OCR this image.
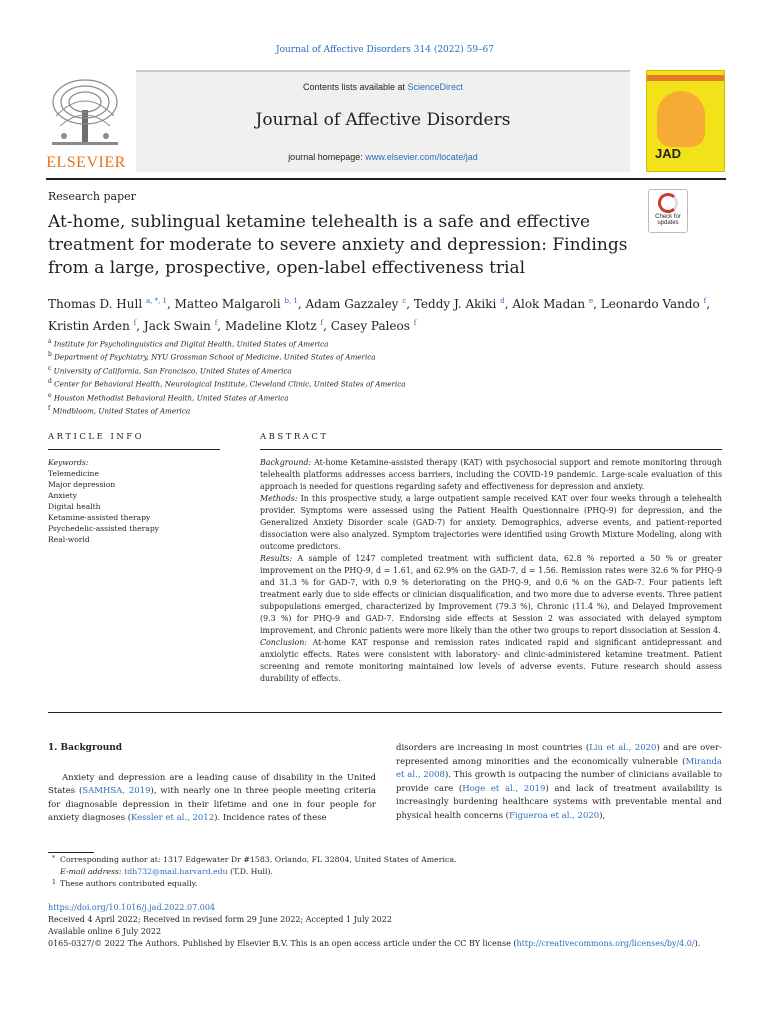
Journal of Affective Disorders 314 (2022) 59–67
ELSEVIER
Contents lists available at ScienceDirect
Journal of Affective Disorders
journal homepage: www.elsevier.com/locate/jad	JAD
Research paper
At-home, sublingual ketamine telehealth is a safe and effective treatment for moderate to severe anxiety and depression: Findings from a large, prospective, open-label effectiveness trial
Check for
updates
Thomas D. Hull $^{a, *, 1}$, Matteo Malgaroli $^{b, 1}$, Adam Gazzaley $^c$, Teddy J. Akiki $^d$, Alok Madan $^e$, Leonardo Vando $^f$, Kristin Arden $^f$, Jack Swain $^f$, Madeline Klotz $^f$, Casey Paleos $^f$
$^a$ Institute for Psycholinguistics and Digital Health, United States of America
$^b$ Department of Psychiatry, NYU Grossman School of Medicine, United States of America
$^c$ University of California, San Francisco, United States of America
$^d$ Center for Behavioral Health, Neurological Institute, Cleveland Clinic, United States of America
$^e$ Houston Methodist Behavioral Health, United States of America
$^f$ Mindbloom, United States of America
ARTICLE INFO
Keywords:
Telemedicine
Major depression
Anxiety
Digital health
Ketamine-assisted therapy
Psychedelic-assisted therapy
Real-world
ABSTRACT

Background: At-home Ketamine-assisted therapy (KAT) with psychosocial support and remote monitoring through telehealth platforms addresses access barriers, including the COVID-19 pandemic. Large-scale evaluation of this approach is needed for questions regarding safety and effectiveness for depression and anxiety.

Methods: In this prospective study, a large outpatient sample received KAT over four weeks through a telehealth provider. Symptoms were assessed using the Patient Health Questionnaire (PHQ-9) for depression, and the Generalized Anxiety Disorder scale (GAD-7) for anxiety. Demographics, adverse events, and patient-reported dissociation were also analyzed. Symptom trajectories were identified using Growth Mixture Modeling, along with outcome predictors.

Results: A sample of 1247 completed treatment with sufficient data, 62.8 % reported a 50 % or greater improvement on the PHQ-9, d = 1.61, and 62.9% on the GAD-7, d = 1.56. Remission rates were 32.6 % for PHQ-9 and 31.3 % for GAD-7, with 0.9 % deteriorating on the PHQ-9, and 0.6 % on the GAD-7. Four patients left treatment early due to side effects or clinician disqualification, and two more due to adverse events. Three patient subpopulations emerged, characterized by Improvement (79.3 %), Chronic (11.4 %), and Delayed Improvement (9.3 %) for PHQ-9 and GAD-7. Endorsing side effects at Session 2 was associated with delayed symptom improvement, and Chronic patients were more likely than the other two groups to report dissociation at Session 4.

Conclusion: At-home KAT response and remission rates indicated rapid and significant antidepressant and anxiolytic effects. Rates were consistent with laboratory- and clinic-administered ketamine treatment. Patient screening and remote monitoring maintained low levels of adverse events. Future research should assess durability of effects.

1. Background

Anxiety and depression are a leading cause of disability in the United States (SAMHSA, 2019), with nearly one in three people meeting criteria for diagnosable depression in their lifetime and one in four people for anxiety diagnoses (Kessler et al., 2012). Incidence rates of these

disorders are increasing in most countries (Liu et al., 2020) and are over-represented among minorities and the economically vulnerable (Miranda et al., 2008). This growth is outpacing the number of clinicians available to provide care (Hoge et al., 2019) and lack of treatment availability is increasingly burdening healthcare systems with preventable mental and physical health concerns (Figueroa et al., 2020),

* Corresponding author at: 1317 Edgewater Dr #1583, Orlando, FL 32804, United States of America.
E-mail address: tdh732@mail.harvard.edu (T.D. Hull).
1 These authors contributed equally.
https://doi.org/10.1016/j.jad.2022.07.004
Received 4 April 2022; Received in revised form 29 June 2022; Accepted 1 July 2022
Available online 6 July 2022
0165-0327/© 2022 The Authors. Published by Elsevier B.V. This is an open access article under the CC BY license (http://creativecommons.org/licenses/by/4.0/).
